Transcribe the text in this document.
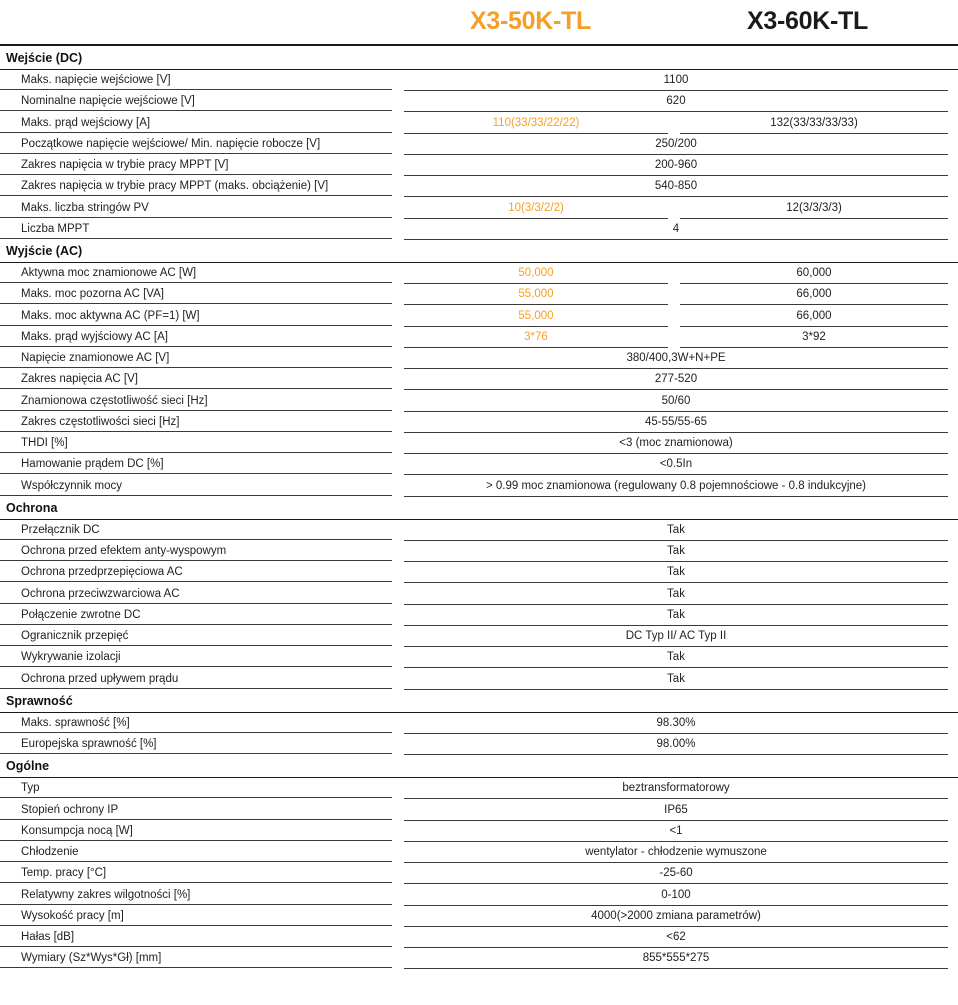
X3-50K-TL	X3-60K-TL
Wejście (DC)
Maks. napięcie wejściowe [V]	1100
Nominalne napięcie wejściowe [V]	620
Maks. prąd wejściowy [A]	110(33/33/22/22)	132(33/33/33/33)
Początkowe napięcie wejściowe/ Min. napięcie robocze [V]	250/200
Zakres napięcia w trybie pracy MPPT [V]	200-960
Zakres napięcia w trybie pracy MPPT (maks. obciążenie) [V]	540-850
Maks. liczba stringów PV	10(3/3/2/2)	12(3/3/3/3)
Liczba MPPT	4
Wyjście (AC)
Aktywna moc znamionowe AC [W]	50,000	60,000
Maks. moc pozorna AC [VA]	55,000	66,000
Maks. moc aktywna AC (PF=1) [W]	55,000	66,000
Maks. prąd wyjściowy AC [A]	3*76	3*92
Napięcie znamionowe AC [V]	380/400,3W+N+PE
Zakres napięcia AC [V]	277-520
Znamionowa częstotliwość sieci [Hz]	50/60
Zakres częstotliwości sieci [Hz]	45-55/55-65
THDI [%]	<3 (moc znamionowa)
Hamowanie prądem DC [%]	<0.5In
Współczynnik mocy	> 0.99 moc znamionowa (regulowany 0.8 pojemnościowe - 0.8 indukcyjne)
Ochrona
Przełącznik DC	Tak
Ochrona przed efektem anty-wyspowym	Tak
Ochrona przedprzepięciowa AC	Tak
Ochrona przeciwzwarciowa AC	Tak
Połączenie zwrotne DC	Tak
Ogranicznik przepięć	DC Typ II/ AC Typ II
Wykrywanie izolacji	Tak
Ochrona przed upływem prądu	Tak
Sprawność
Maks. sprawność [%]	98.30%
Europejska sprawność [%]	98.00%
Ogólne
Typ	beztransformatorowy
Stopień ochrony IP	IP65
Konsumpcja nocą [W]	<1
Chłodzenie	wentylator - chłodzenie wymuszone
Temp. pracy [°C]	-25-60
Relatywny zakres wilgotności [%]	0-100
Wysokość pracy [m]	4000(>2000 zmiana parametrów)
Hałas [dB]	<62
Wymiary (Sz*Wys*Gł) [mm]	855*555*275
